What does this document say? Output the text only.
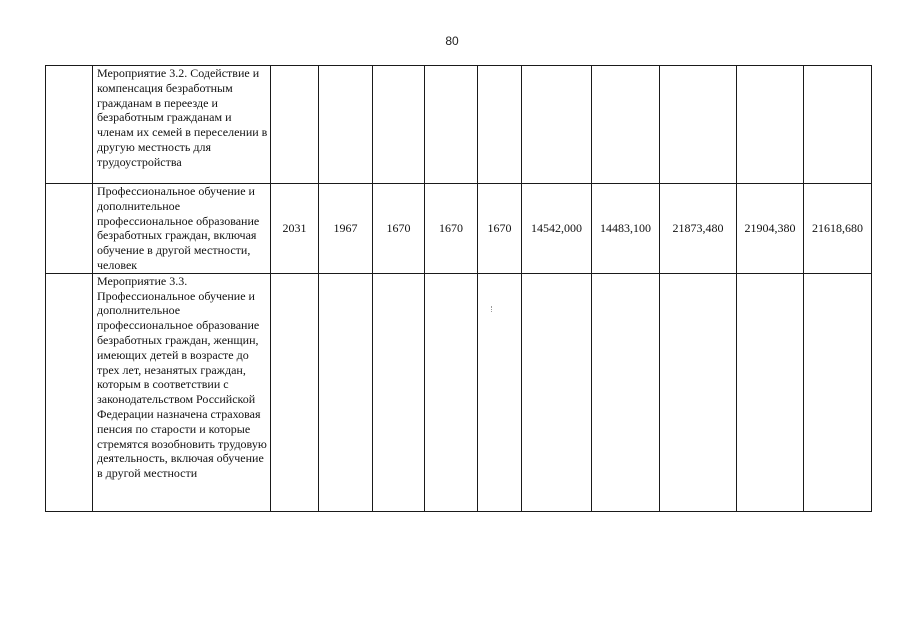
80
	Мероприятие 3.2. Содействие и компенсация безработным гражданам в переезде и безработным гражданам и членам их семей в переселении в другую местность для трудоустройства										
	Профессиональное обучение и дополнительное профессиональное образование безработных граждан, включая обучение в другой местности, человек	2031	1967	1670	1670	1670	14542,000	14483,100	21873,480	21904,380	21618,680
	Мероприятие 3.3. Профессиональное обучение и дополнительное профессиональное образование безработных граждан, женщин, имеющих детей в возрасте до трех лет, незанятых граждан, которым в соответствии с законодательством Российской Федерации назначена страховая пенсия по старости и которые стремятся возобновить трудовую деятельность, включая обучение в другой местности										
